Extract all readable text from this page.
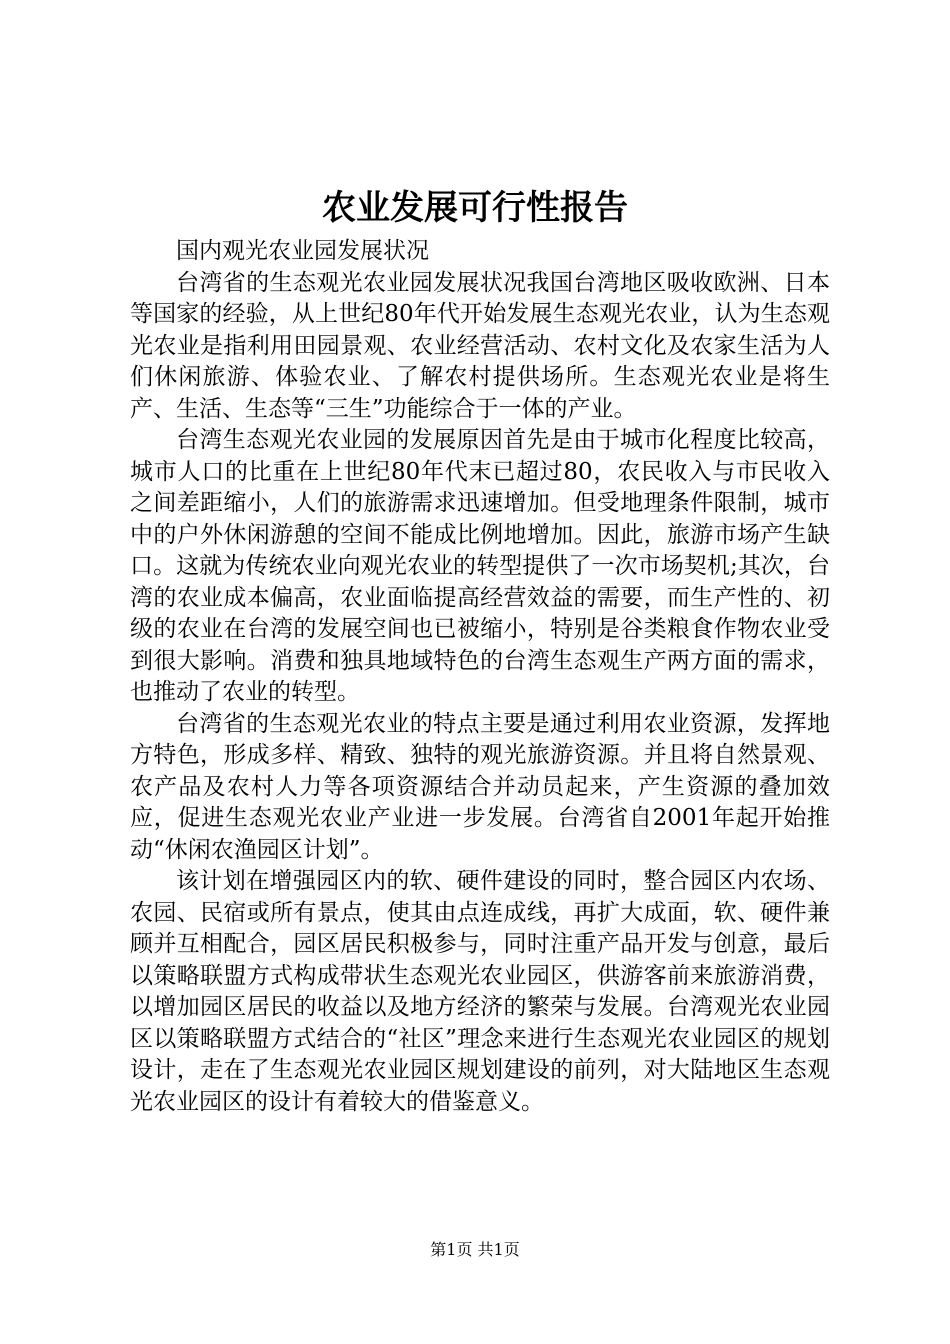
农业发展可行性报告

国内观光农业园发展状况

台湾省的生态观光农业园发展状况我国台湾地区吸收欧洲、日本等国家的经验，从上世纪80年代开始发展生态观光农业，认为生态观光农业是指利用田园景观、农业经营活动、农村文化及农家生活为人们休闲旅游、体验农业、了解农村提供场所。生态观光农业是将生产、生活、生态等“三生”功能综合于一体的产业。

台湾生态观光农业园的发展原因首先是由于城市化程度比较高，城市人口的比重在上世纪80年代末已超过80，农民收入与市民收入之间差距缩小，人们的旅游需求迅速增加。但受地理条件限制，城市中的户外休闲游憩的空间不能成比例地增加。因此，旅游市场产生缺口。这就为传统农业向观光农业的转型提供了一次市场契机;其次，台湾的农业成本偏高，农业面临提高经营效益的需要，而生产性的、初级的农业在台湾的发展空间也已被缩小，特别是谷类粮食作物农业受到很大影响。消费和独具地域特色的台湾生态观生产两方面的需求，也推动了农业的转型。

台湾省的生态观光农业的特点主要是通过利用农业资源，发挥地方特色，形成多样、精致、独特的观光旅游资源。并且将自然景观、农产品及农村人力等各项资源结合并动员起来，产生资源的叠加效应，促进生态观光农业产业进一步发展。台湾省自2001年起开始推动“休闲农渔园区计划”。

该计划在增强园区内的软、硬件建设的同时，整合园区内农场、农园、民宿或所有景点，使其由点连成线，再扩大成面，软、硬件兼顾并互相配合，园区居民积极参与，同时注重产品开发与创意，最后以策略联盟方式构成带状生态观光农业园区，供游客前来旅游消费，以增加园区居民的收益以及地方经济的繁荣与发展。台湾观光农业园区以策略联盟方式结合的“社区”理念来进行生态观光农业园区的规划设计，走在了生态观光农业园区规划建设的前列，对大陆地区生态观光农业园区的设计有着较大的借鉴意义。

第1页 共1页
